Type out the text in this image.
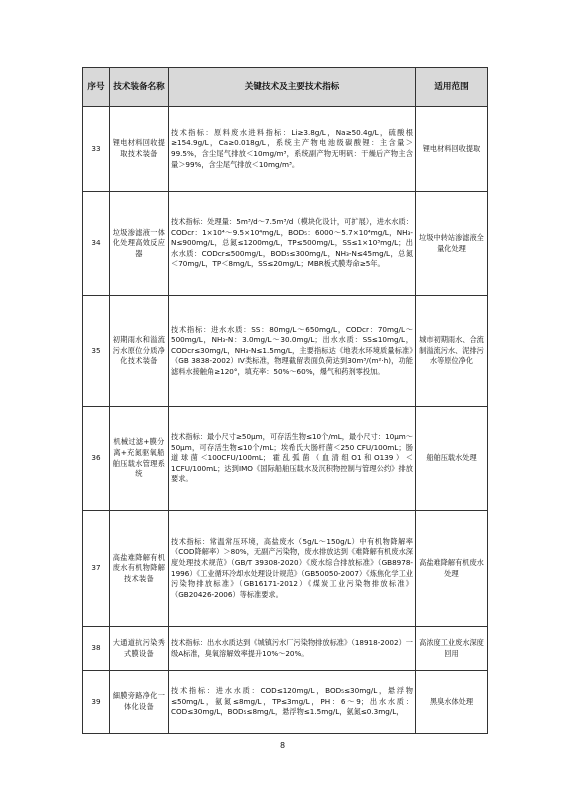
序号	技术装备名称	关键技术及主要技术指标	适用范围
33	锂电材料回收提取技术装备	技术指标：原料废水进料指标：Li≥3.8g/L，Na≥50.4g/L，硫酸根≥154.9g/L，Ca≥0.018g/L，系统主产物电池级碳酸锂：主含量＞99.5%，含尘尾气排放＜10mg/m³，系统副产物无明矾：干燥后产物主含量＞99%，含尘尾气排放＜10mg/m³。	锂电材料回收提取
34	垃圾渗滤液一体化处理高效反应器	技术指标：处理量：5m³/d～7.5m³/d（模块化设计，可扩展），进水水质：CODcr：1×10⁴～9.5×10⁴mg/L，BOD₅：6000～5.7×10⁴mg/L，NH₃-N≤900mg/L，总氮≤1200mg/L，TP≤500mg/L，SS≤1×10³mg/L；出水水质：CODcr≤500mg/L，BOD₅≤300mg/L，NH₃-N≤45mg/L，总氮＜70mg/L，TP＜8mg/L，SS≤20mg/L；MBR板式膜寿命≥5年。	垃圾中转站渗滤液全量化处理
35	初期雨水和溢流污水原位分质净化技术装备	技术指标：进水水质：SS：80mg/L～650mg/L，CODcr：70mg/L～500mg/L，NH₃-N：3.0mg/L～30.0mg/L；出水水质：SS≤10mg/L，CODcr≤30mg/L，NH₃-N≤1.5mg/L，主要指标达《地表水环境质量标准》（GB 3838-2002）IV类标准，物理截留表面负荷达到30m³/(m²·h)，功能滤料水接触角≥120°，填充率：50%～60%，爆气和药剂零投加。	城市初期雨水、合流制溢流污水、泥排污水等原位净化
36	机械过滤+膜分离+充氮驱氧船舶压载水管理系统	技术指标：最小尺寸≥50μm，可存活生物≤10个/mL，最小尺寸：10μm～50μm，可存活生物≤10个/mL；埃希氏大肠杆菌＜250 CFU/100mL；肠道球菌＜100CFU/100mL；霍乱弧菌（血清组O1和O139）＜1CFU/100mL；达到IMO《国际船舶压载水及沉积物控制与管理公约》排放要求。	船舶压载水处理
37	高盐难降解有机废水有机物降解技术装备	技术指标：常温常压环境，高盐废水（5g/L～150g/L）中有机物降解率（COD降解率）＞80%，无副产污染物，废水排放达到《难降解有机废水深度处理技术规范》（GB/T 39308-2020）《废水综合排放标准》（GB8978-1996）《工业循环冷却水处理设计规范》（GB50050-2007）《炼焦化学工业污染物排放标准》（GB16171-2012）《煤炭工业污染物排放标准》（GB20426-2006）等标准要求。	高盐难降解有机废水处理
38	大通道抗污染秀式膜设备	技术指标：出水水质达到《城镇污水厂污染物排放标准》（18918-2002）一级A标准，臭氧溶解效率提升10%～20%。	高浓度工业废水深度回用
39	細膜旁路净化一体化设备	技术指标：进水水质：COD≤120mg/L，BOD₅≤30mg/L，悬浮物≤50mg/L，氨氮≤8mg/L，TP≤3mg/L，PH：6～9；出水水质：COD≤30mg/L，BOD₅≤8mg/L，悬浮物≤1.5mg/L，氨氮≤0.3mg/L，	黑臭水体处理
8
